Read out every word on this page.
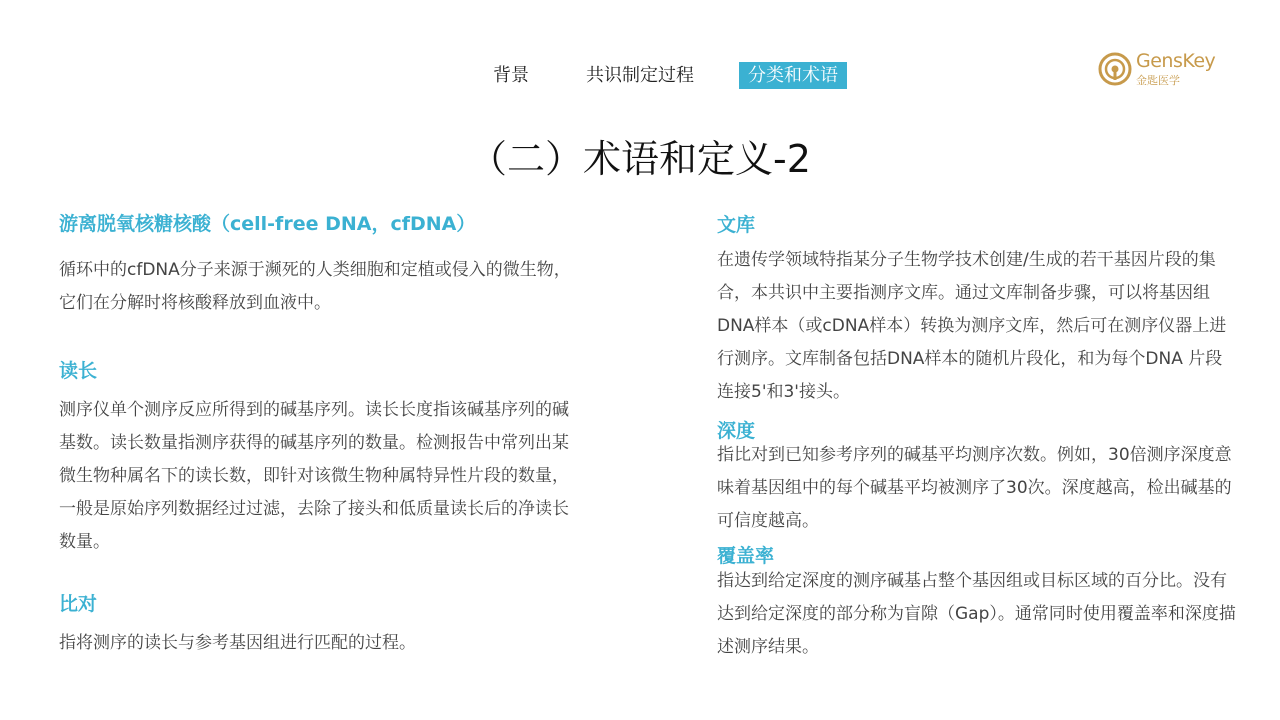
背景	共识制定过程	分类和术语
GensKey
金匙医学
（二）术语和定义-2
游离脱氧核糖核酸（cell-free DNA，cfDNA）

循环中的cfDNA分子来源于濒死的人类细胞和定植或侵入的微生物，它们在分解时将核酸释放到血液中。

读长

测序仪单个测序反应所得到的碱基序列。读长长度指该碱基序列的碱基数。读长数量指测序获得的碱基序列的数量。检测报告中常列出某微生物种属名下的读长数，即针对该微生物种属特异性片段的数量，一般是原始序列数据经过过滤，去除了接头和低质量读长后的净读长数量。

比对

指将测序的读长与参考基因组进行匹配的过程。

文库

在遗传学领域特指某分子生物学技术创建/生成的若干基因片段的集合，本共识中主要指测序文库。通过文库制备步骤，可以将基因组DNA样本（或cDNA样本）转换为测序文库，然后可在测序仪器上进行测序。文库制备包括DNA样本的随机片段化，和为每个DNA 片段连接5'和3'接头。

深度

指比对到已知参考序列的碱基平均测序次数。例如，30倍测序深度意味着基因组中的每个碱基平均被测序了30次。深度越高，检出碱基的可信度越高。

覆盖率

指达到给定深度的测序碱基占整个基因组或目标区域的百分比。没有达到给定深度的部分称为盲隙（Gap）。通常同时使用覆盖率和深度描述测序结果。
